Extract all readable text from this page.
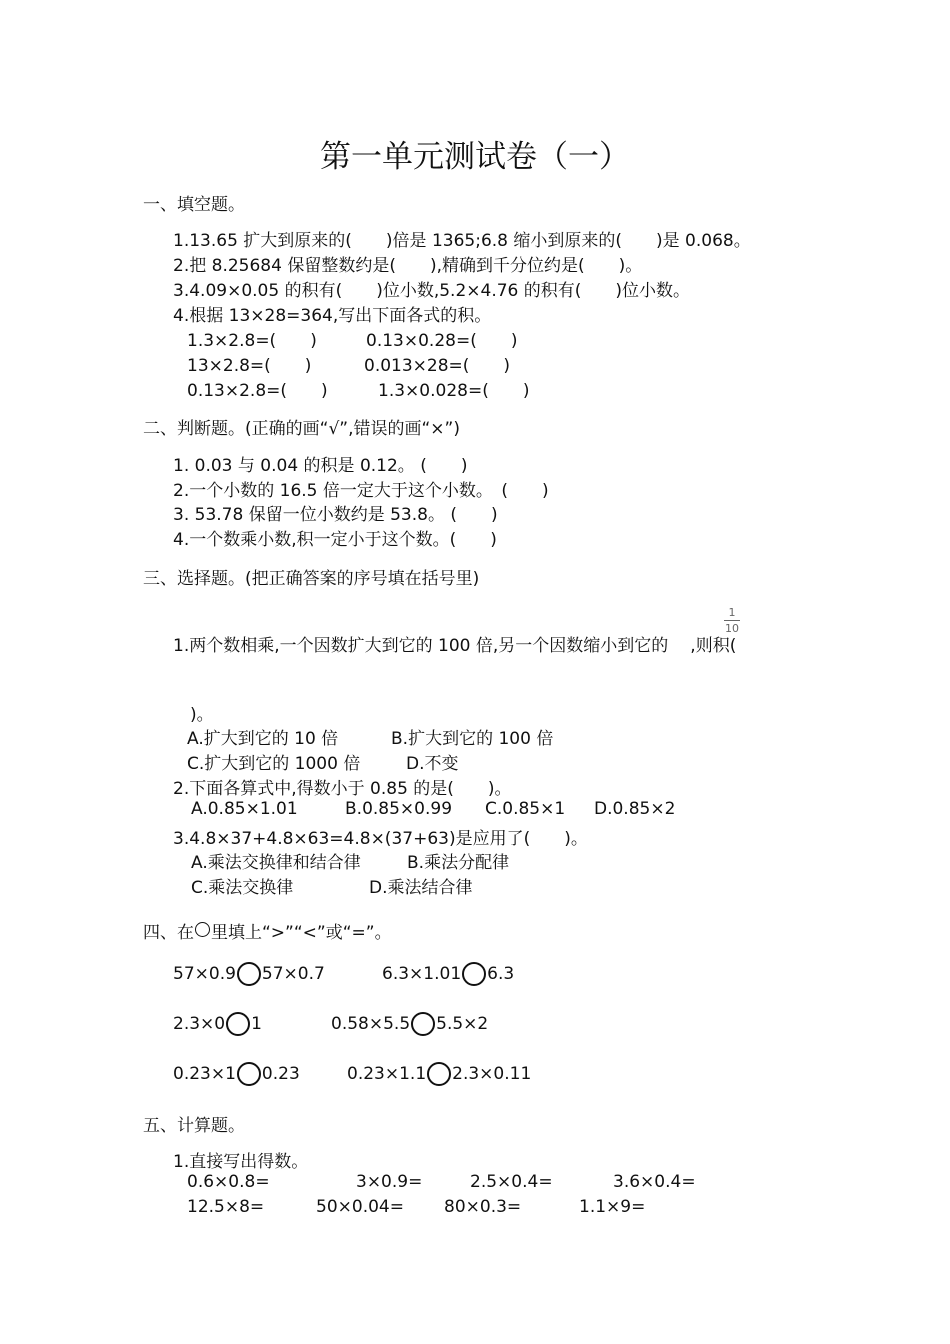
第一单元测试卷（一）
一、填空题。
1.13.65 扩大到原来的(　　)倍是 1365;6.8 缩小到原来的(　　)是 0.068。
2.把 8.25684 保留整数约是(　　),精确到千分位约是(　　)。
3.4.09×0.05 的积有(　　)位小数,5.2×4.76 的积有(　　)位小数。
4.根据 13×28=364,写出下面各式的积。
1.3×2.8=(　　)	0.13×0.28=(　　)
13×2.8=(　　)	0.013×28=(　　)
0.13×2.8=(　　)	1.3×0.028=(　　)
二、判断题。(正确的画“√”,错误的画“×”)
1. 0.03 与 0.04 的积是 0.12。 (　　)
2.一个小数的 16.5 倍一定大于这个小数。　(　　)
3. 53.78 保留一位小数约是 53.8。 (　　)
4.一个数乘小数,积一定小于这个数。(　　)
三、选择题。(把正确答案的序号填在括号里)
1.两个数相乘,一个因数扩大到它的 100 倍,另一个因数缩小到它的 ,则积(
1
10
)。
A.扩大到它的 10 倍	B.扩大到它的 100 倍
C.扩大到它的 1000 倍	D.不变
2.下面各算式中,得数小于 0.85 的是(　　)。
A.0.85×1.01	B.0.85×0.99 C.0.85×1 D.0.85×2
3.4.8×37+4.8×63=4.8×(37+63)是应用了(　　)。
A.乘法交换律和结合律	B.乘法分配律
C.乘法交换律	D.乘法结合律
四、在 里填上“>”“<”或“=”。
57×0.9 57×0.7	6.3×1.01 6.3
2.3×0 1	0.58×5.5 5.5×2
0.23×1 0.23	0.23×1.1 2.3×0.11
五、计算题。
1.直接写出得数。
0.6×0.8=	3×0.9=	2.5×0.4=	3.6×0.4=
12.5×8=	50×0.04= 80×0.3=	1.1×9=
